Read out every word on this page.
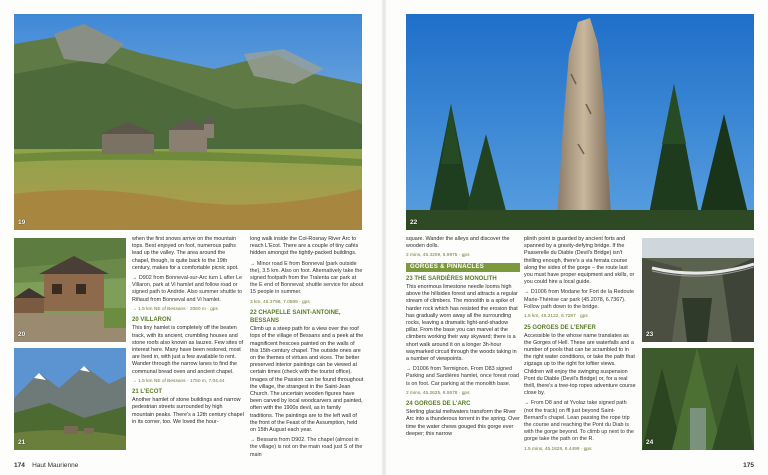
19
20
21

when the first snows arrive on the mountain tops. Best enjoyed on foot, numerous paths lead up the valley. The area around the chapel, though, is quite back to the 19th century, makes for a comfortable picnic spot.

→ D902 from Bonneval-sur-Arc turn L after Le Villaron, park at Vi hamlet and follow road or signed path to Andrde. Also summer shuttle to Rifiaud from Bonneval and Vi hamlet.

→ 1.5 km NE of Bessans · 2060 m · gps

20 VILLARON

This tiny hamlet is completely off the beaten track, with its ancient, crumbling houses and stone roofs also known as lauzes. Few sites of interest here. Many have been restored, most are lived in, with just a few available to rent. Wander through the narrow lanes to find the communal bread oven and ancient chapel.

→ 1.5 km NE of Bessans · 1750 m, 7.04.44

21 L'ECOT

Another hamlet of stone buildings and narrow pedestrian streets surrounded by high mountain peaks. There's a 12th century chapel in its corner, too. We loved the hour-

long walk inside the Col-Rosnay River Arc to reach L'Ecot. There are a couple of tiny cafés hidden amongst the tightly-packed buildings.

→ Minor road E from Bonneval (park outside the), 3.5 km. Also on foot. Alternatively take the signed footpath from the Tralenta car park at the E end of Bonneval; shuttle service for about 15 people in summer.

3 km, 45.3798, 7.0599 · gps

22 CHAPELLE SAINT-ANTOINE, BESSANS

Climb up a steep path for a view over the roof tops of the village of Bessans and a peek at the magnificent frescoes painted on the walls of this 15th-century chapel. The outside ones are on the themes of virtues and vices. The better preserved interior paintings can be viewed at certain times (check with the tourist office). Images of the Passion can be found throughout the village, the strangest in the Saint-Jean Church. The uncertain wooden figures have been carved by local woodcarvers and painted, often with the 1900s devil, as in family traditions. The paintings are to the left wall of the front of the Feast of the Assumption, held on 15th August each year.

→ Bessans from D902. The chapel (almost in the village) is not on the main road just S of the main

174 Haut Maurienne
22
23
24

square. Wander the alleys and discover the wooden dolls.

2 mins, 45.3209, 6.9975 · gps

GORGES & PINNACLES
23 THE SARDIÈRES MONOLITH

This enormous limestone needle looms high above the hillsides forest and attracts a regular stream of climbers. The monolith is a spike of harder rock which has resisted the erosion that has gradually worn away all the surrounding rocks, leaving a dramatic light-and-shadow pillar. From the base you can marvel at the climbers working their way skyward; there is a short walk around it on a longer 3h-hour waymarked circuit through the woods taking in a number of viewpoints.

→ D1006 from Termignon. From D83 signed Parking and Sardières hamlet, once forest road is on foot. Car parking at the monolith base.

2 mins, 45.2625, 6.9578 · gps

24 GORGES DE L'ARC

Sterling glacial meltwaters transform the River Arc into a thunderous torrent in the spring. Over time the water chews gouged this gorge ever deeper; this narrow

plinth point is guarded by ancient forts and spanned by a gravity-defying bridge. If the Passerelle du Diable (Devil's Bridge) isn't thrilling enough, there's a via ferrata course along the sides of the gorge – the route last you must have proper equipment and skills, or you could hire a local guide.

→ D1006 from Modane for Fort de la Redoute Marie-Thérèse car park (45.2078, 6.7367). Follow path down to the bridge.

1.5 km, 45.2122, 6.7287 · gps

25 GORGES DE L'ENFER

Accessible to the whose name translates as the Gorges of Hell. These are waterfalls and a number of pools that can be scrambled to in the right water conditions, or take the path that zigzags up to the right for loftier views. Children will enjoy the swinging suspension Pont du Diable (Devil's Bridge) or, for a real thrill, there's a tree-top ropes adventure course close by.

→ From D8 and at Yvolaz take signed path (not the track) on ffl just beyond Saint-Bernard's chapel. Lean passing the rope trip the course and reaching the Pont du Diab is with the gorge beyond. To climb up next to the gorge take the path on the R.

1.5 mins, 45.1828, 6.4499 · gps

175
